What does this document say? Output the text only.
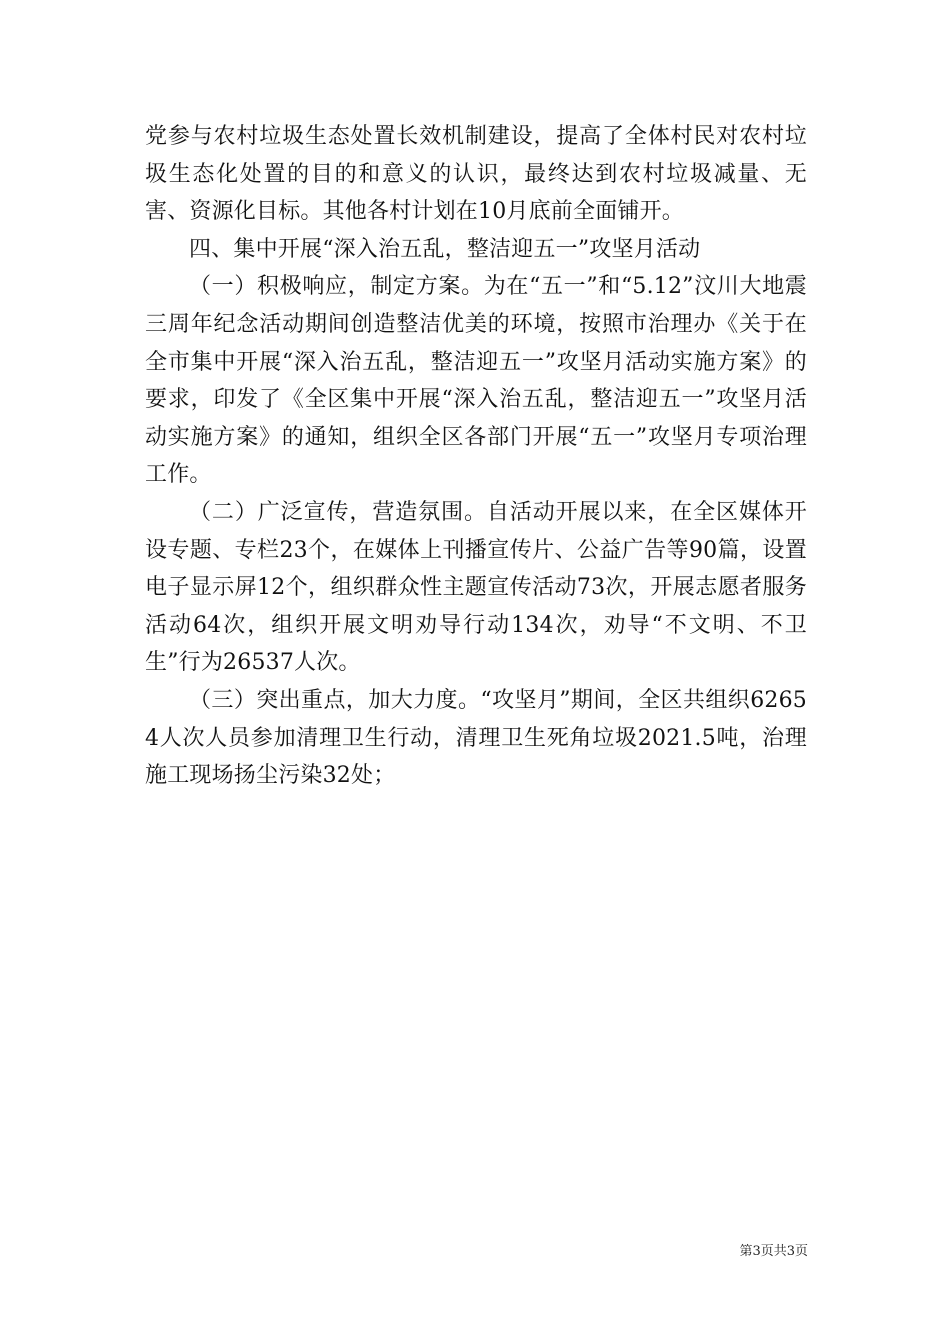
党参与农村垃圾生态处置长效机制建设，提高了全体村民对农村垃圾生态化处置的目的和意义的认识，最终达到农村垃圾减量、无害、资源化目标。其他各村计划在10月底前全面铺开。

四、集中开展“深入治五乱，整洁迎五一”攻坚月活动

（一）积极响应，制定方案。为在“五一”和“5.12”汶川大地震三周年纪念活动期间创造整洁优美的环境，按照市治理办《关于在全市集中开展“深入治五乱，整洁迎五一”攻坚月活动实施方案》的要求，印发了《全区集中开展“深入治五乱，整洁迎五一”攻坚月活动实施方案》的通知，组织全区各部门开展“五一”攻坚月专项治理工作。

（二）广泛宣传，营造氛围。自活动开展以来，在全区媒体开设专题、专栏23个，在媒体上刊播宣传片、公益广告等90篇，设置电子显示屏12个，组织群众性主题宣传活动73次，开展志愿者服务活动64次，组织开展文明劝导行动134次，劝导“不文明、不卫生”行为26537人次。

（三）突出重点，加大力度。“攻坚月”期间，全区共组织62654人次人员参加清理卫生行动，清理卫生死角垃圾2021.5吨，治理施工现场扬尘污染32处；

第3页共3页
